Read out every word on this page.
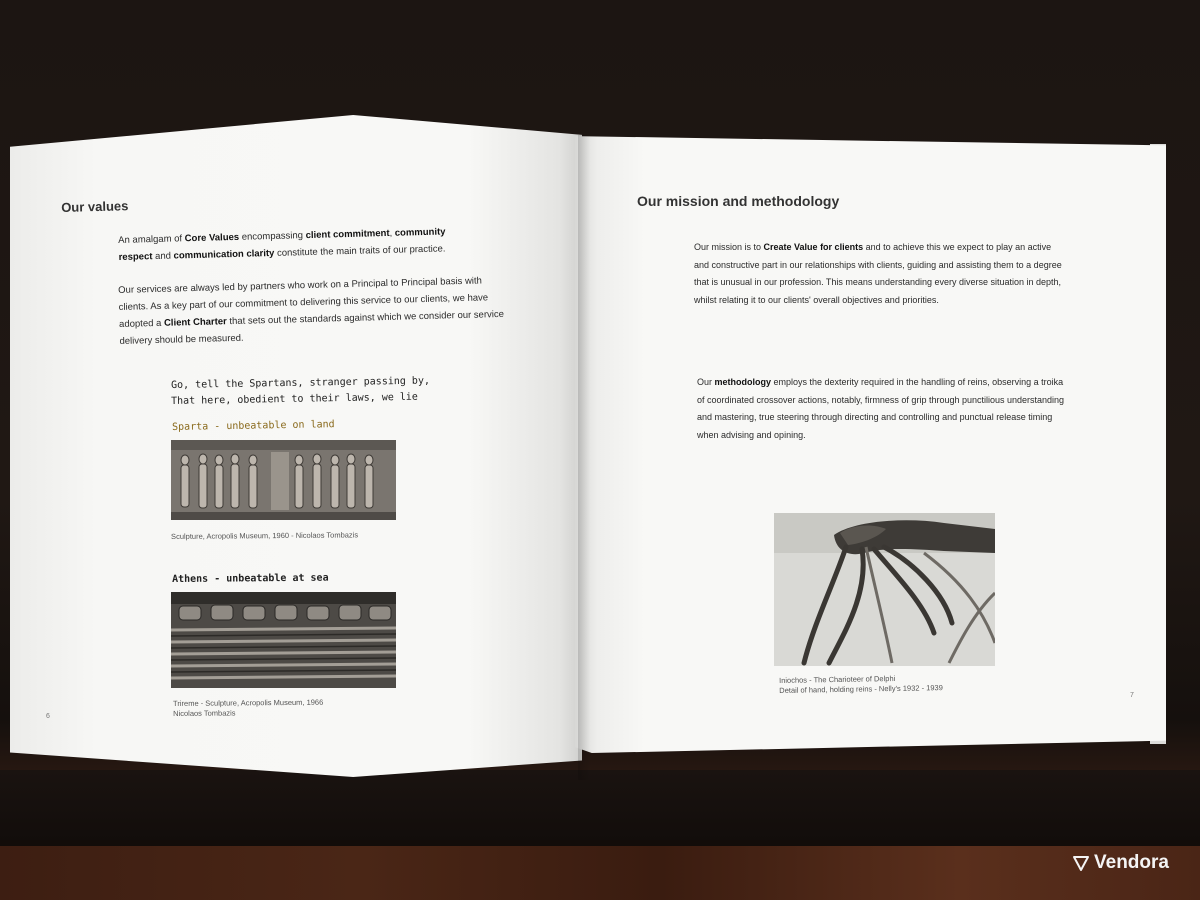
Our values
An amalgam of Core Values encompassing client commitment, community respect and communication clarity constitute the main traits of our practice.
Our services are always led by partners who work on a Principal to Principal basis with clients. As a key part of our commitment to delivering this service to our clients, we have adopted a Client Charter that sets out the standards against which we consider our service delivery should be measured.
Go, tell the Spartans, stranger passing by,
That here, obedient to their laws, we lie
Sparta - unbeatable on land
Sculpture, Acropolis Museum, 1960 - Nicolaos Tombazis
Athens - unbeatable at sea
Trireme - Sculpture, Acropolis Museum, 1966
Nicolaos Tombazis
6
Our mission and methodology
Our mission is to Create Value for clients and to achieve this we expect to play an active and constructive part in our relationships with clients, guiding and assisting them to a degree that is unusual in our profession. This means understanding every diverse situation in depth, whilst relating it to our clients' overall objectives and priorities.
Our methodology employs the dexterity required in the handling of reins, observing a troika of coordinated crossover actions, notably, firmness of grip through punctilious understanding and mastering, true steering through directing and controlling and punctual release timing when advising and opining.
Iniochos - The Charioteer of Delphi
Detail of hand, holding reins - Nelly's 1932 - 1939
7
Vendora
